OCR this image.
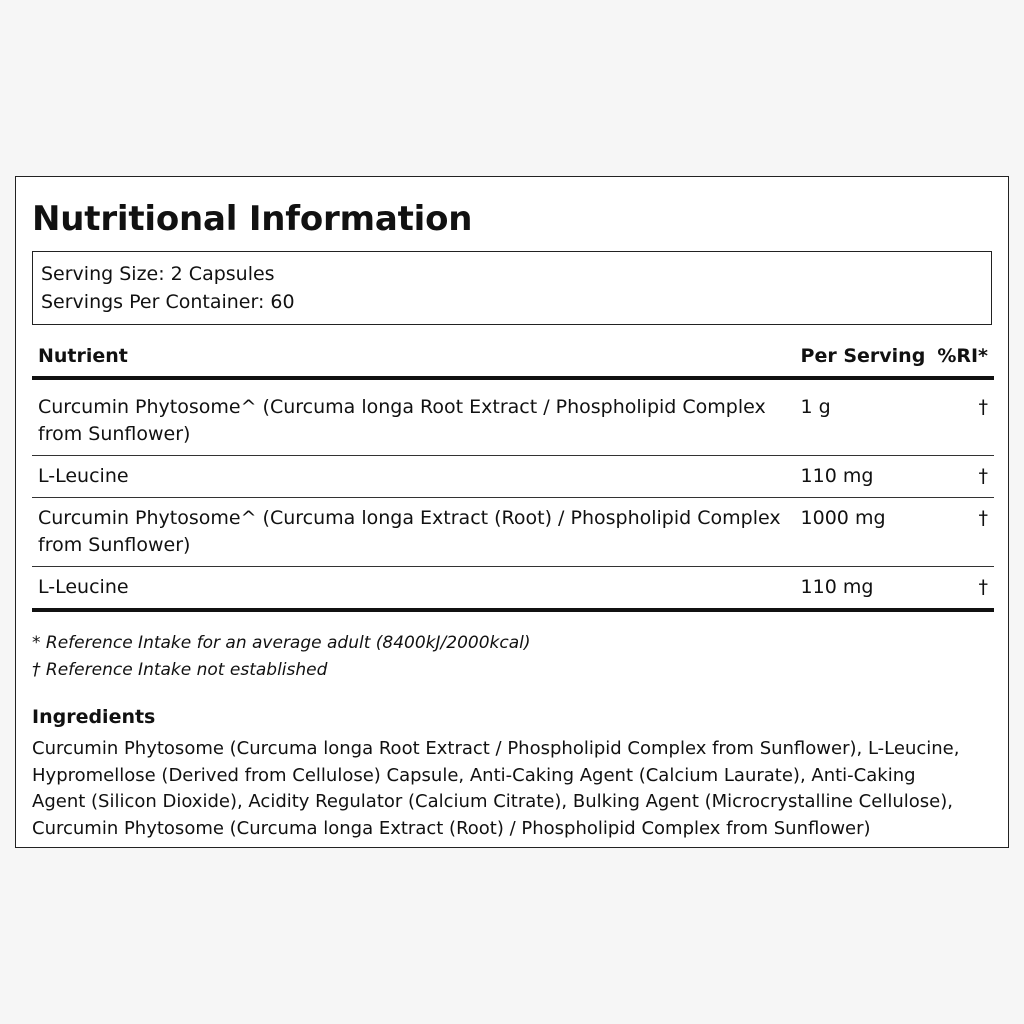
Nutritional Information
Serving Size: 2 Capsules
Servings Per Container: 60
Nutrient	Per Serving	%RI*
Curcumin Phytosome^ (Curcuma longa Root Extract / Phospholipid Complex from Sunflower)	1 g	†
L-Leucine	110 mg	†
Curcumin Phytosome^ (Curcuma longa Extract (Root) / Phospholipid Complex from Sunflower)	1000 mg	†
L-Leucine	110 mg	†
* Reference Intake for an average adult (8400kJ/2000kcal)
† Reference Intake not established
Ingredients
Curcumin Phytosome (Curcuma longa Root Extract / Phospholipid Complex from Sunflower), L-Leucine, Hypromellose (Derived from Cellulose) Capsule, Anti-Caking Agent (Calcium Laurate), Anti-Caking Agent (Silicon Dioxide), Acidity Regulator (Calcium Citrate), Bulking Agent (Microcrystalline Cellulose), Curcumin Phytosome (Curcuma longa Extract (Root) / Phospholipid Complex from Sunflower)
